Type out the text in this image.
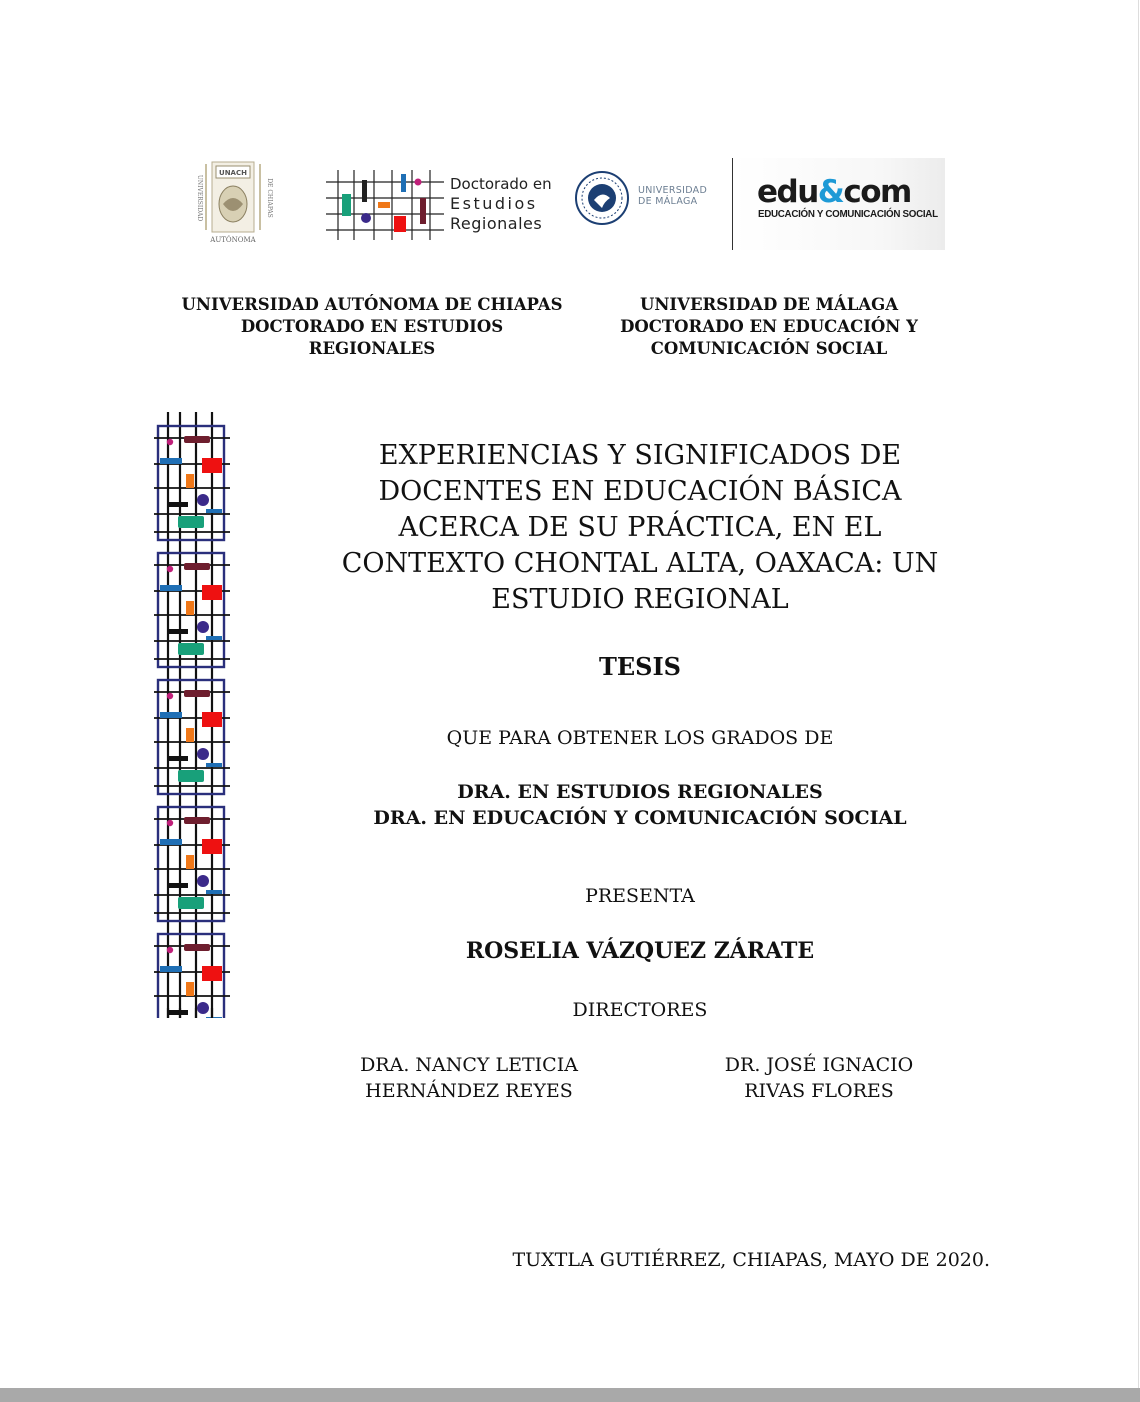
UNACH
UNIVERSIDAD	DE CHIAPAS
AUTÓNOMA
Doctorado en
Estudios
Regionales
UNIVERSIDAD
DE MÁLAGA	edu&com
EDUCACIÓN Y COMUNICACIÓN SOCIAL
UNIVERSIDAD AUTÓNOMA DE CHIAPAS
DOCTORADO EN ESTUDIOS
REGIONALES
UNIVERSIDAD DE MÁLAGA
DOCTORADO EN EDUCACIÓN Y
COMUNICACIÓN SOCIAL
EXPERIENCIAS Y SIGNIFICADOS DE
DOCENTES EN EDUCACIÓN BÁSICA
ACERCA DE SU PRÁCTICA, EN EL
CONTEXTO CHONTAL ALTA, OAXACA: UN
ESTUDIO REGIONAL
TESIS
QUE PARA OBTENER LOS GRADOS DE
DRA. EN ESTUDIOS REGIONALES
DRA. EN EDUCACIÓN Y COMUNICACIÓN SOCIAL
PRESENTA
ROSELIA VÁZQUEZ ZÁRATE
DIRECTORES
DRA. NANCY LETICIA
HERNÁNDEZ REYES
DR. JOSÉ IGNACIO
RIVAS FLORES
TUXTLA GUTIÉRREZ, CHIAPAS, MAYO DE 2020.
